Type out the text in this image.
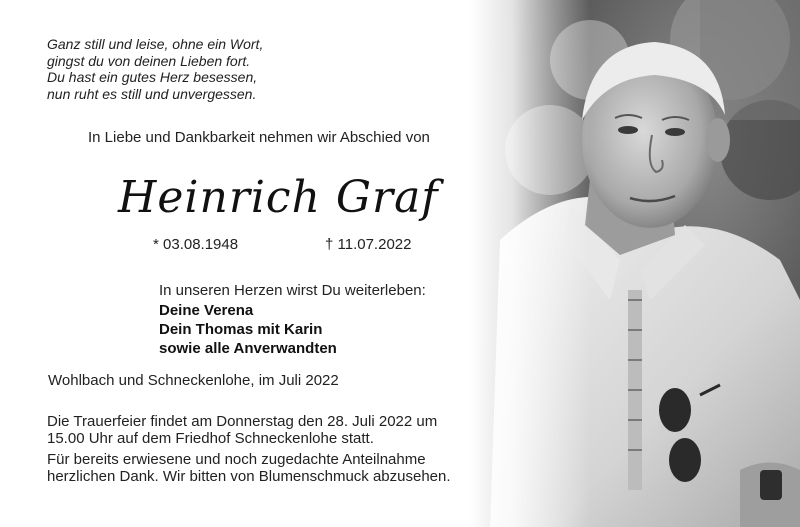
Ganz still und leise, ohne ein Wort,
gingst du von deinen Lieben fort.
Du hast ein gutes Herz besessen,
nun ruht es still und unvergessen.
In Liebe und Dankbarkeit nehmen wir Abschied von
Heinrich Graf
* 03.08.1948	† 11.07.2022
In unseren Herzen wirst Du weiterleben:
Deine Verena
Dein Thomas mit Karin
sowie alle Anverwandten
Wohlbach und Schneckenlohe, im Juli 2022
Die Trauerfeier findet am Donnerstag den 28. Juli 2022 um
15.00 Uhr auf dem Friedhof Schneckenlohe statt.
Für bereits erwiesene und noch zugedachte Anteilnahme
herzlichen Dank. Wir bitten von Blumenschmuck abzusehen.
